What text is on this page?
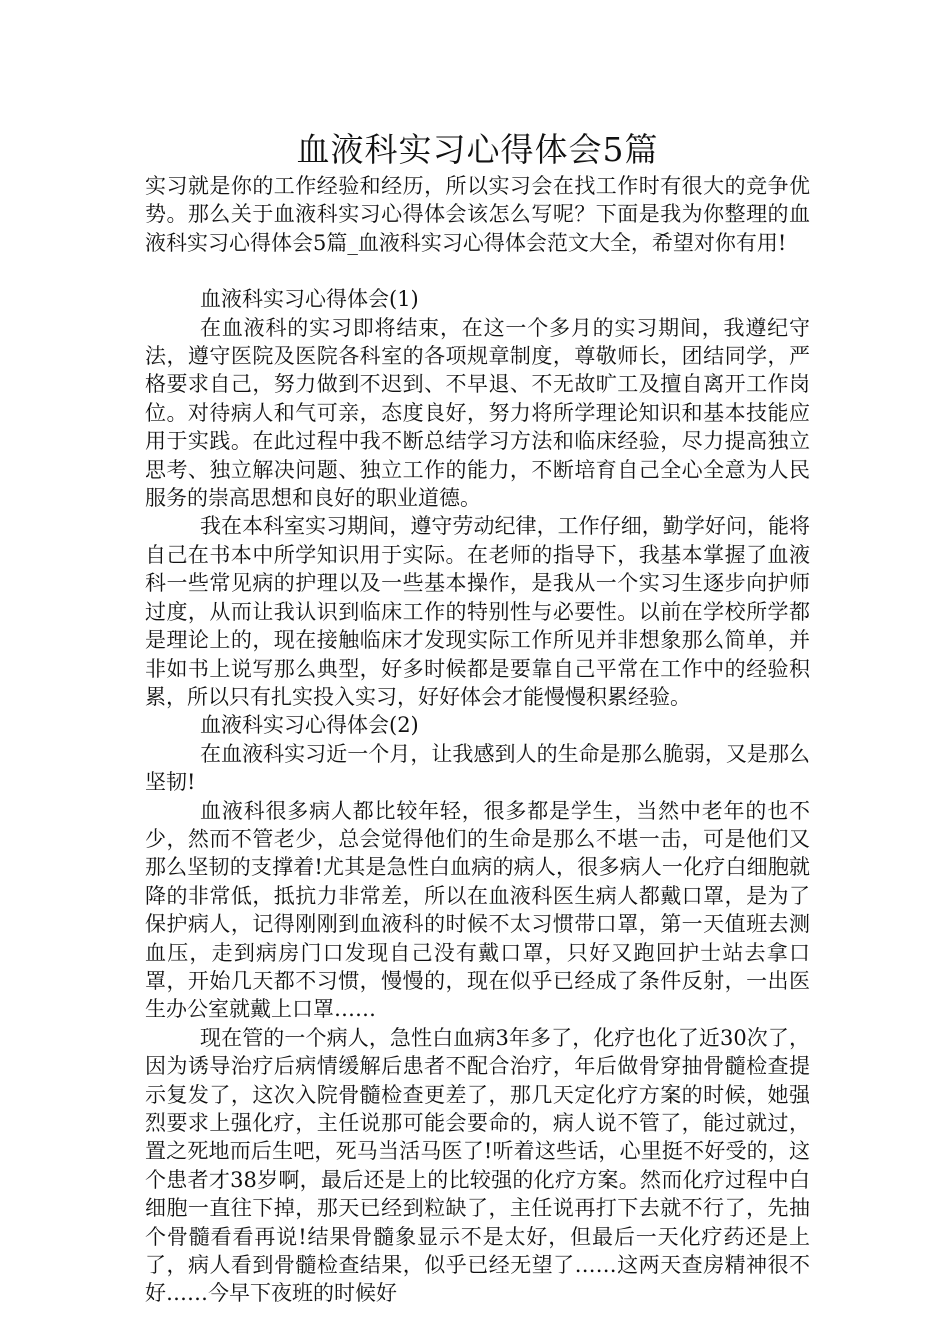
血液科实习心得体会5篇

实习就是你的工作经验和经历，所以实习会在找工作时有很大的竞争优势。那么关于血液科实习心得体会该怎么写呢？下面是我为你整理的血液科实习心得体会5篇_血液科实习心得体会范文大全，希望对你有用!

血液科实习心得体会(1)

在血液科的实习即将结束，在这一个多月的实习期间，我遵纪守法，遵守医院及医院各科室的各项规章制度，尊敬师长，团结同学，严格要求自己，努力做到不迟到、不早退、不无故旷工及擅自离开工作岗位。对待病人和气可亲，态度良好，努力将所学理论知识和基本技能应用于实践。在此过程中我不断总结学习方法和临床经验，尽力提高独立思考、独立解决问题、独立工作的能力，不断培育自己全心全意为人民服务的崇高思想和良好的职业道德。

我在本科室实习期间，遵守劳动纪律，工作仔细，勤学好问，能将自己在书本中所学知识用于实际。在老师的指导下，我基本掌握了血液科一些常见病的护理以及一些基本操作，是我从一个实习生逐步向护师过度，从而让我认识到临床工作的特别性与必要性。以前在学校所学都是理论上的，现在接触临床才发现实际工作所见并非想象那么简单，并非如书上说写那么典型，好多时候都是要靠自己平常在工作中的经验积累，所以只有扎实投入实习，好好体会才能慢慢积累经验。

血液科实习心得体会(2)

在血液科实习近一个月，让我感到人的生命是那么脆弱，又是那么坚韧!

血液科很多病人都比较年轻，很多都是学生，当然中老年的也不少，然而不管老少，总会觉得他们的生命是那么不堪一击，可是他们又那么坚韧的支撑着!尤其是急性白血病的病人，很多病人一化疗白细胞就降的非常低，抵抗力非常差，所以在血液科医生病人都戴口罩，是为了保护病人，记得刚刚到血液科的时候不太习惯带口罩，第一天值班去测血压，走到病房门口发现自己没有戴口罩，只好又跑回护士站去拿口罩，开始几天都不习惯，慢慢的，现在似乎已经成了条件反射，一出医生办公室就戴上口罩……

现在管的一个病人，急性白血病3年多了，化疗也化了近30次了，因为诱导治疗后病情缓解后患者不配合治疗，年后做骨穿抽骨髓检查提示复发了，这次入院骨髓检查更差了，那几天定化疗方案的时候，她强烈要求上强化疗，主任说那可能会要命的，病人说不管了，能过就过，置之死地而后生吧，死马当活马医了!听着这些话，心里挺不好受的，这个患者才38岁啊，最后还是上的比较强的化疗方案。然而化疗过程中白细胞一直往下掉，那天已经到粒缺了，主任说再打下去就不行了，先抽个骨髓看看再说!结果骨髓象显示不是太好，但最后一天化疗药还是上了，病人看到骨髓检查结果，似乎已经无望了……这两天查房精神很不好……今早下夜班的时候好
